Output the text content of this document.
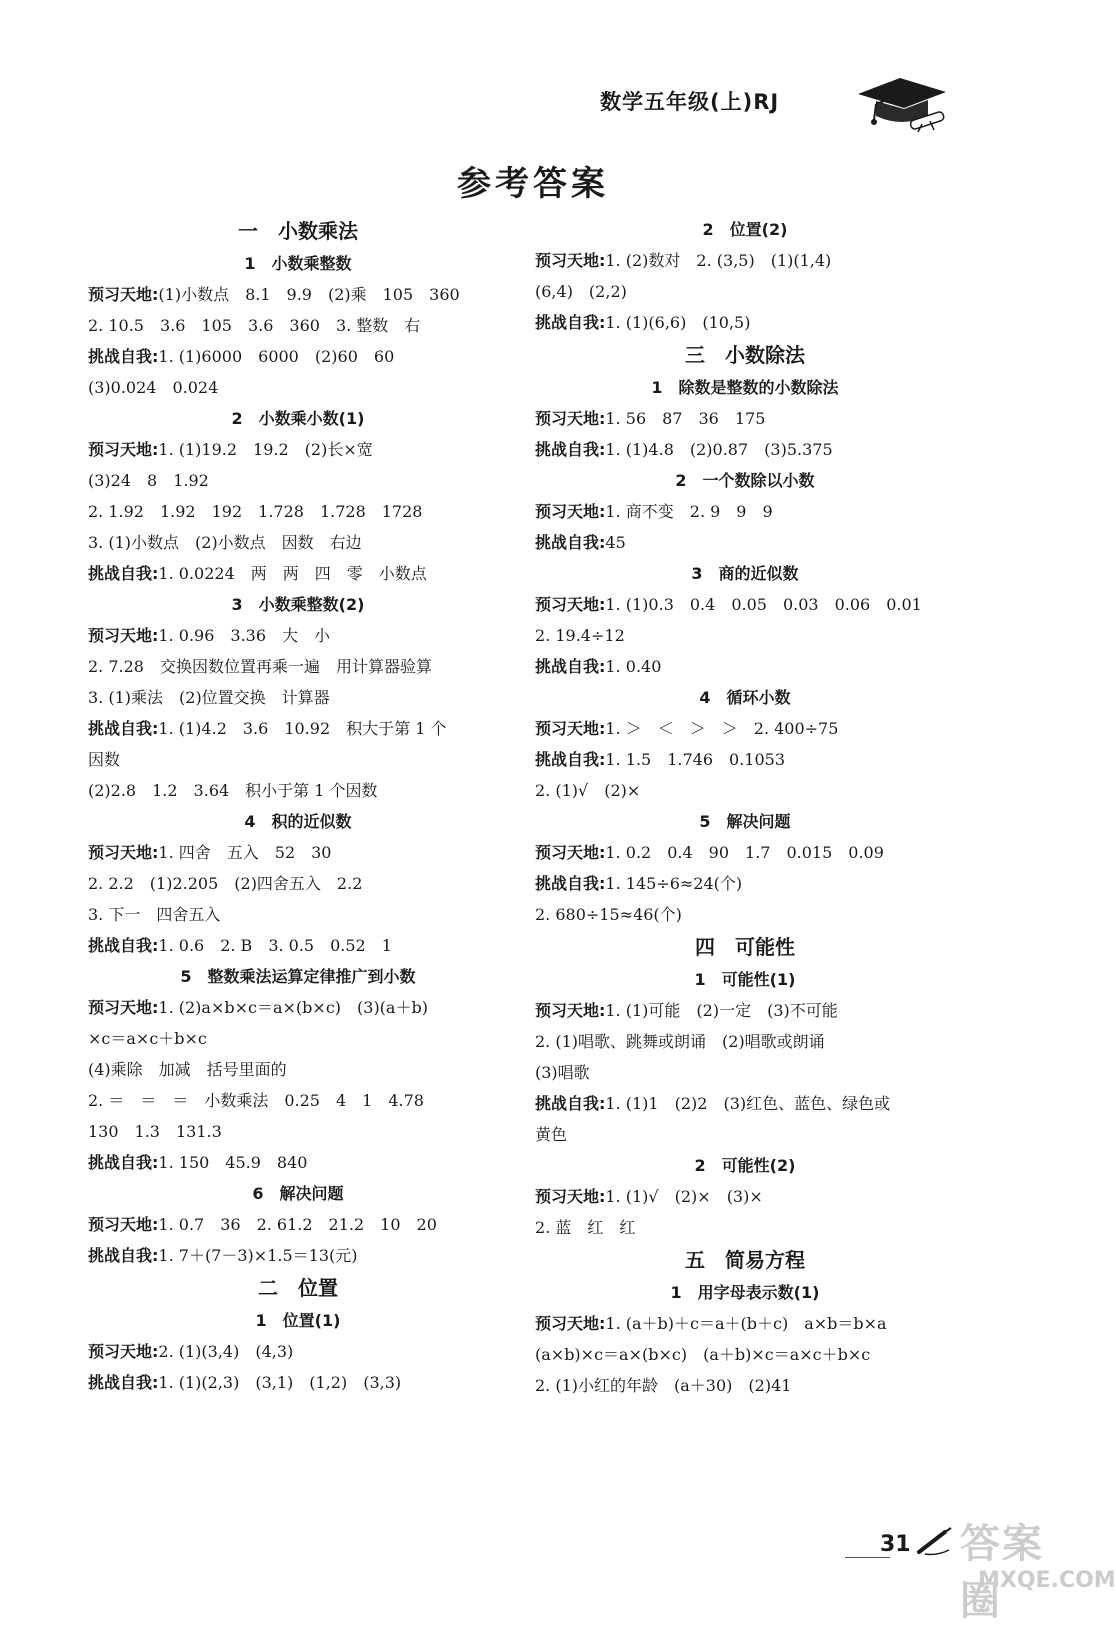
数学五年级(上)RJ
参考答案
一　小数乘法
1　小数乘整数
预习天地:(1)小数点　8.1　9.9　(2)乘　105　360
2. 10.5　3.6　105　3.6　360　3. 整数　右
挑战自我:1. (1)6000　6000　(2)60　60
(3)0.024　0.024
2　小数乘小数(1)
预习天地:1. (1)19.2　19.2　(2)长×宽
(3)24　8　1.92
2. 1.92　1.92　192　1.728　1.728　1728
3. (1)小数点　(2)小数点　因数　右边
挑战自我:1. 0.0224　两　两　四　零　小数点
3　小数乘整数(2)
预习天地:1. 0.96　3.36　大　小
2. 7.28　交换因数位置再乘一遍　用计算器验算
3. (1)乘法　(2)位置交换　计算器
挑战自我:1. (1)4.2　3.6　10.92　积大于第 1 个
因数
(2)2.8　1.2　3.64　积小于第 1 个因数
4　积的近似数
预习天地:1. 四舍　五入　52　30
2. 2.2　(1)2.205　(2)四舍五入　2.2
3. 下一　四舍五入
挑战自我:1. 0.6　2. B　3. 0.5　0.52　1
5　整数乘法运算定律推广到小数
预习天地:1. (2)a×b×c＝a×(b×c)　(3)(a＋b)
×c＝a×c＋b×c
(4)乘除　加减　括号里面的
2. ＝　＝　＝　小数乘法　0.25　4　1　4.78
130　1.3　131.3
挑战自我:1. 150　45.9　840
6　解决问题
预习天地:1. 0.7　36　2. 61.2　21.2　10　20
挑战自我:1. 7＋(7－3)×1.5＝13(元)
二　位置
1　位置(1)
预习天地:2. (1)(3,4)　(4,3)
挑战自我:1. (1)(2,3)　(3,1)　(1,2)　(3,3)
2　位置(2)
预习天地:1. (2)数对　2. (3,5)　(1)(1,4)
(6,4)　(2,2)
挑战自我:1. (1)(6,6)　(10,5)
三　小数除法
1　除数是整数的小数除法
预习天地:1. 56　87　36　175
挑战自我:1. (1)4.8　(2)0.87　(3)5.375
2　一个数除以小数
预习天地:1. 商不变　2. 9　9　9
挑战自我:45
3　商的近似数
预习天地:1. (1)0.3　0.4　0.05　0.03　0.06　0.01
2. 19.4÷12
挑战自我:1. 0.40
4　循环小数
预习天地:1. ＞　＜　＞　＞　2. 400÷75
挑战自我:1. 1.5　1.746　0.1053
2. (1)√　(2)×
5　解决问题
预习天地:1. 0.2　0.4　90　1.7　0.015　0.09
挑战自我:1. 145÷6≈24(个)
2. 680÷15≈46(个)
四　可能性
1　可能性(1)
预习天地:1. (1)可能　(2)一定　(3)不可能
2. (1)唱歌、跳舞或朗诵　(2)唱歌或朗诵
(3)唱歌
挑战自我:1. (1)1　(2)2　(3)红色、蓝色、绿色或
黄色
2　可能性(2)
预习天地:1. (1)√　(2)×　(3)×
2. 蓝　红　红
五　简易方程
1　用字母表示数(1)
预习天地:1. (a＋b)＋c＝a＋(b＋c)　a×b＝b×a
(a×b)×c＝a×(b×c)　(a＋b)×c＝a×c＋b×c
2. (1)小红的年龄　(a＋30)　(2)41
31 答案圈
MXQE.COM
